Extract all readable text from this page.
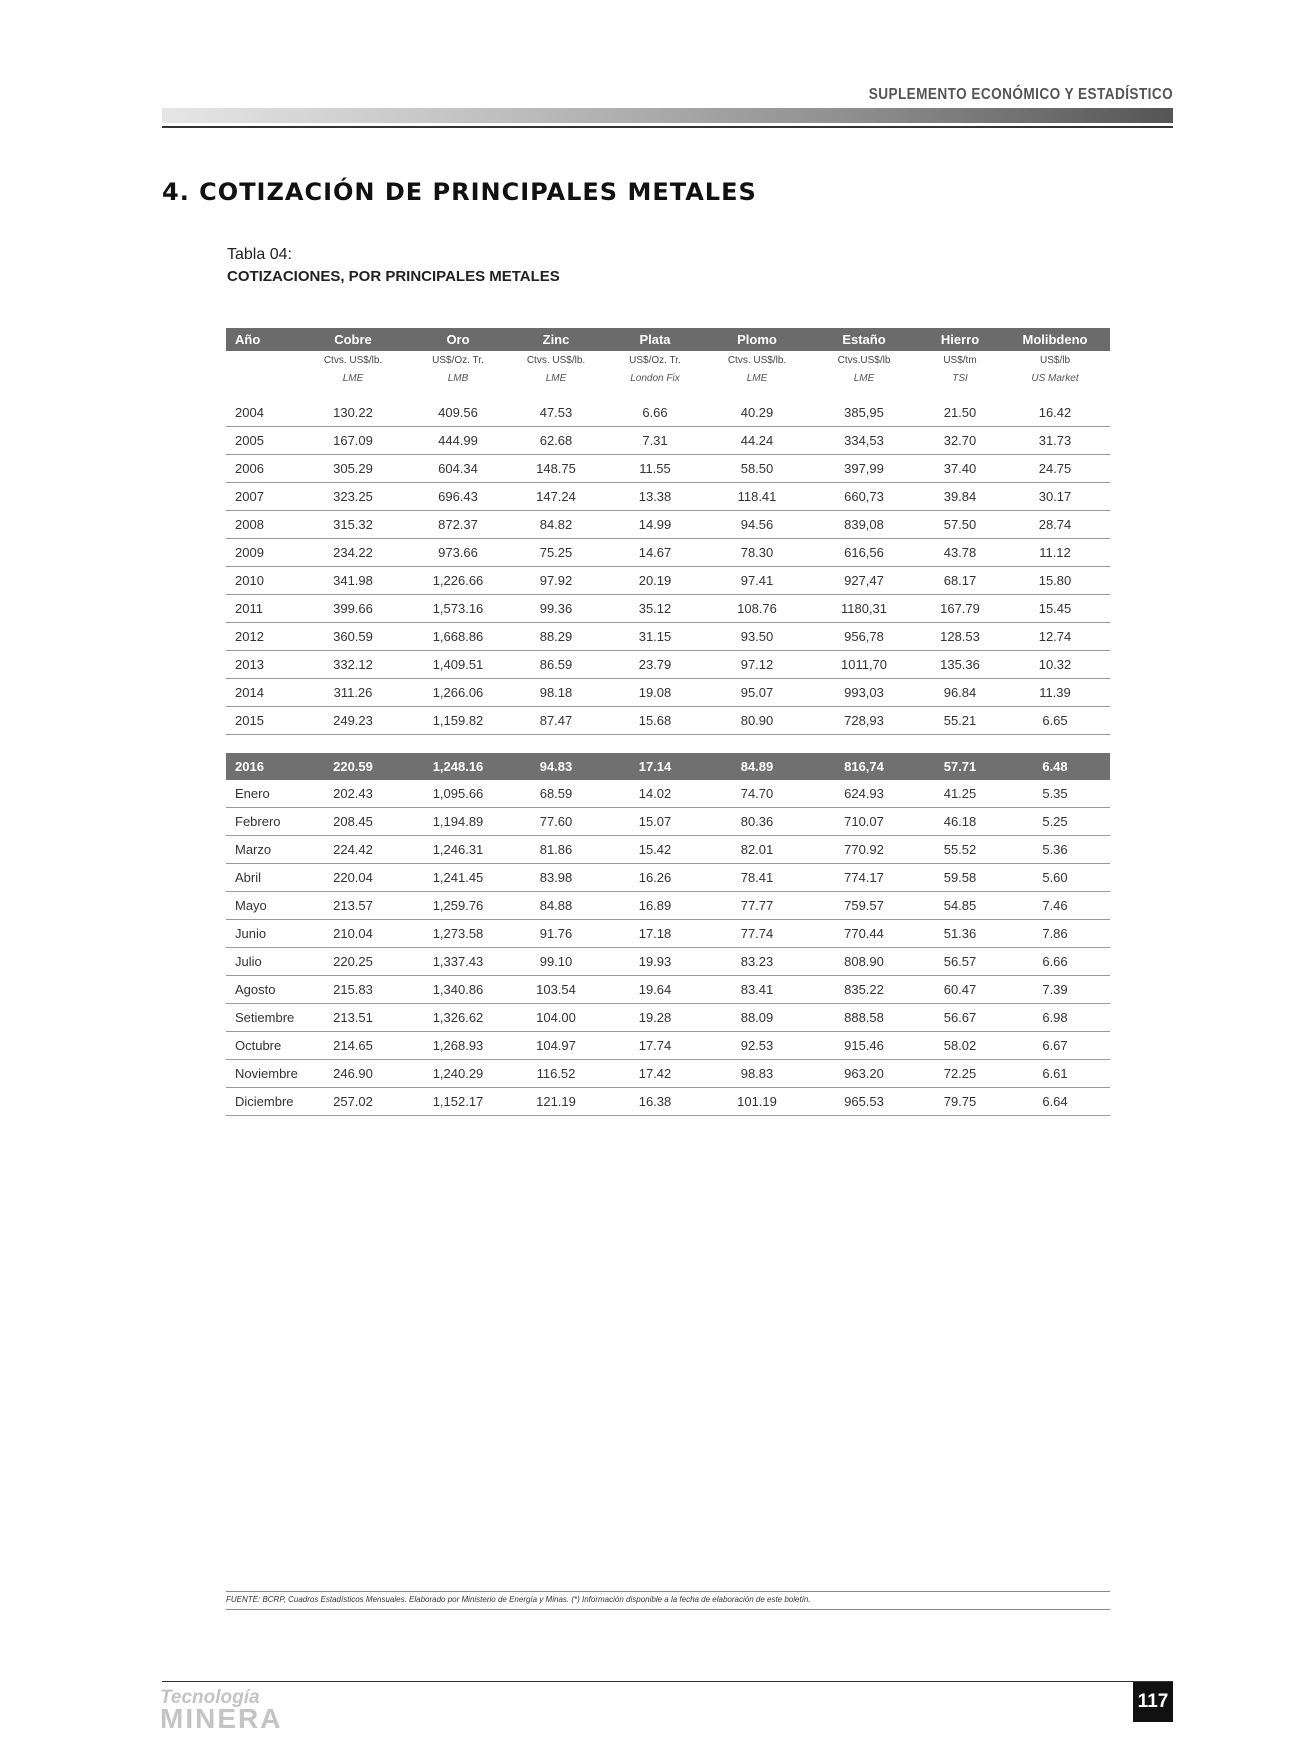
SUPLEMENTO ECONÓMICO Y ESTADÍSTICO
4. COTIZACIÓN DE PRINCIPALES METALES
Tabla 04:
COTIZACIONES, POR PRINCIPALES METALES
Año	Cobre	Oro	Zinc	Plata	Plomo	Estaño	Hierro	Molibdeno
	Ctvs. US$/lb.	US$/Oz. Tr.	Ctvs. US$/lb.	US$/Oz. Tr.	Ctvs. US$/lb.	Ctvs.US$/lb	US$/tm	US$/lb
	LME	LMB	LME	London Fix	LME	LME	TSI	US Market

2004	130.22	409.56	47.53	6.66	40.29	385,95	21.50	16.42
2005	167.09	444.99	62.68	7.31	44.24	334,53	32.70	31.73
2006	305.29	604.34	148.75	11.55	58.50	397,99	37.40	24.75
2007	323.25	696.43	147.24	13.38	118.41	660,73	39.84	30.17
2008	315.32	872.37	84.82	14.99	94.56	839,08	57.50	28.74
2009	234.22	973.66	75.25	14.67	78.30	616,56	43.78	11.12
2010	341.98	1,226.66	97.92	20.19	97.41	927,47	68.17	15.80
2011	399.66	1,573.16	99.36	35.12	108.76	1180,31	167.79	15.45
2012	360.59	1,668.86	88.29	31.15	93.50	956,78	128.53	12.74
2013	332.12	1,409.51	86.59	23.79	97.12	1011,70	135.36	10.32
2014	311.26	1,266.06	98.18	19.08	95.07	993,03	96.84	11.39
2015	249.23	1,159.82	87.47	15.68	80.90	728,93	55.21	6.65

2016	220.59	1,248.16	94.83	17.14	84.89	816,74	57.71	6.48
Enero	202.43	1,095.66	68.59	14.02	74.70	624.93	41.25	5.35
Febrero	208.45	1,194.89	77.60	15.07	80.36	710.07	46.18	5.25
Marzo	224.42	1,246.31	81.86	15.42	82.01	770.92	55.52	5.36
Abril	220.04	1,241.45	83.98	16.26	78.41	774.17	59.58	5.60
Mayo	213.57	1,259.76	84.88	16.89	77.77	759.57	54.85	7.46
Junio	210.04	1,273.58	91.76	17.18	77.74	770.44	51.36	7.86
Julio	220.25	1,337.43	99.10	19.93	83.23	808.90	56.57	6.66
Agosto	215.83	1,340.86	103.54	19.64	83.41	835.22	60.47	7.39
Setiembre	213.51	1,326.62	104.00	19.28	88.09	888.58	56.67	6.98
Octubre	214.65	1,268.93	104.97	17.74	92.53	915.46	58.02	6.67
Noviembre	246.90	1,240.29	116.52	17.42	98.83	963.20	72.25	6.61
Diciembre	257.02	1,152.17	121.19	16.38	101.19	965.53	79.75	6.64
FUENTE: BCRP, Cuadros Estadísticos Mensuales. Elaborado por Ministerio de Energía y Minas. (*) Información disponible a la fecha de elaboración de este boletín.
Tecnología
MINERA
117
